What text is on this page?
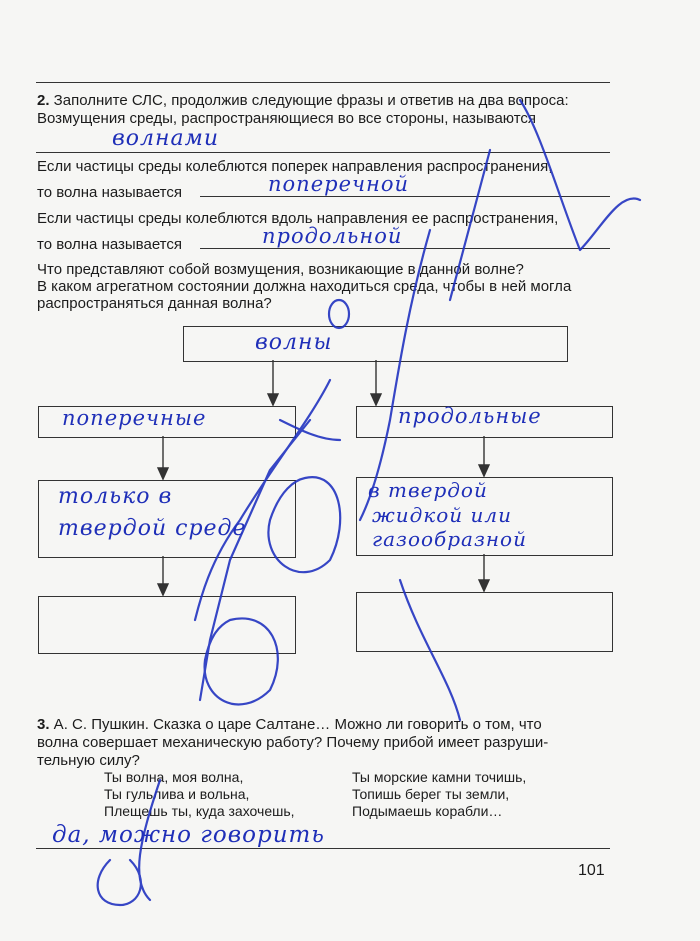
2. Заполните СЛС, продолжив следующие фразы и ответив на два вопроса:
Возмущения среды, распространяющиеся во все стороны, называются
волнами
Если частицы среды колеблются поперек направления распространения,
то волна называется	поперечной
Если частицы среды колеблются вдоль направления ее распространения,
то волна называется	продольной
Что представляют собой возмущения, возникающие в данной волне?
В каком агрегатном состоянии должна находиться среда, чтобы в ней могла
распространяться данная волна?
волны
поперечные	продольные
только в
твердой среде
в твердой
жидкой или
газообразной
3. А. С. Пушкин. Сказка о царе Салтане… Можно ли говорить о том, что
волна совершает механическую работу? Почему прибой имеет разруши-
тельную силу?
Ты волна, моя волна,
Ты гульлива и вольна,
Плещешь ты, куда захочешь,
Ты морские камни точишь,
Топишь берег ты земли,
Подымаешь корабли…
да, можно говорить
101
